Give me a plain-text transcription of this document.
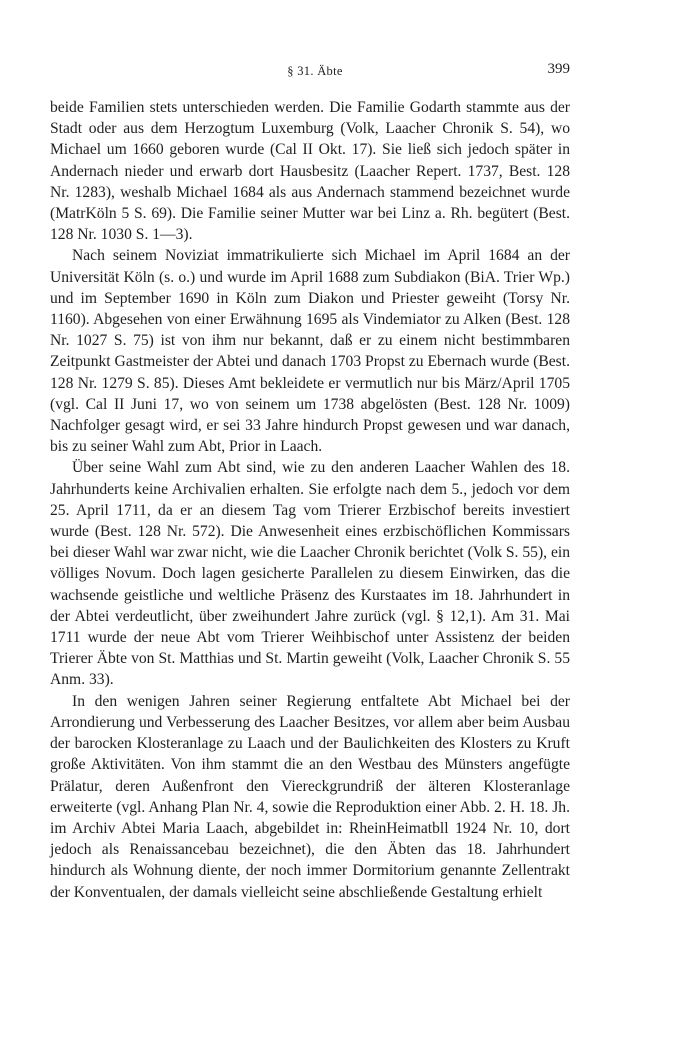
§ 31. Äbte	399

beide Familien stets unterschieden werden. Die Familie Godarth stammte aus der Stadt oder aus dem Herzogtum Luxemburg (Volk, Laacher Chronik S. 54), wo Michael um 1660 geboren wurde (Cal II Okt. 17). Sie ließ sich jedoch später in Andernach nieder und erwarb dort Hausbesitz (Laacher Repert. 1737, Best. 128 Nr. 1283), weshalb Michael 1684 als aus Andernach stammend bezeichnet wurde (MatrKöln 5 S. 69). Die Familie seiner Mutter war bei Linz a. Rh. begütert (Best. 128 Nr. 1030 S. 1—3).

Nach seinem Noviziat immatrikulierte sich Michael im April 1684 an der Universität Köln (s. o.) und wurde im April 1688 zum Subdiakon (BiA. Trier Wp.) und im September 1690 in Köln zum Diakon und Priester geweiht (Torsy Nr. 1160). Abgesehen von einer Erwähnung 1695 als Vindemiator zu Alken (Best. 128 Nr. 1027 S. 75) ist von ihm nur bekannt, daß er zu einem nicht bestimmbaren Zeitpunkt Gastmeister der Abtei und danach 1703 Propst zu Ebernach wurde (Best. 128 Nr. 1279 S. 85). Dieses Amt bekleidete er vermutlich nur bis März/April 1705 (vgl. Cal II Juni 17, wo von seinem um 1738 abgelösten (Best. 128 Nr. 1009) Nachfolger gesagt wird, er sei 33 Jahre hindurch Propst gewesen und war danach, bis zu seiner Wahl zum Abt, Prior in Laach.

Über seine Wahl zum Abt sind, wie zu den anderen Laacher Wahlen des 18. Jahrhunderts keine Archivalien erhalten. Sie erfolgte nach dem 5., jedoch vor dem 25. April 1711, da er an diesem Tag vom Trierer Erzbischof bereits investiert wurde (Best. 128 Nr. 572). Die Anwesenheit eines erzbischöflichen Kommissars bei dieser Wahl war zwar nicht, wie die Laacher Chronik berichtet (Volk S. 55), ein völliges Novum. Doch lagen gesicherte Parallelen zu diesem Einwirken, das die wachsende geistliche und weltliche Präsenz des Kurstaates im 18. Jahrhundert in der Abtei verdeutlicht, über zweihundert Jahre zurück (vgl. § 12,1). Am 31. Mai 1711 wurde der neue Abt vom Trierer Weihbischof unter Assistenz der beiden Trierer Äbte von St. Matthias und St. Martin geweiht (Volk, Laacher Chronik S. 55 Anm. 33).

In den wenigen Jahren seiner Regierung entfaltete Abt Michael bei der Arrondierung und Verbesserung des Laacher Besitzes, vor allem aber beim Ausbau der barocken Klosteranlage zu Laach und der Baulichkeiten des Klosters zu Kruft große Aktivitäten. Von ihm stammt die an den Westbau des Münsters angefügte Prälatur, deren Außenfront den Viereckgrundriß der älteren Klosteranlage erweiterte (vgl. Anhang Plan Nr. 4, sowie die Reproduktion einer Abb. 2. H. 18. Jh. im Archiv Abtei Maria Laach, abgebildet in: RheinHeimatbll 1924 Nr. 10, dort jedoch als Renaissancebau bezeichnet), die den Äbten das 18. Jahrhundert hindurch als Wohnung diente, der noch immer Dormitorium genannte Zellentrakt der Konventualen, der damals vielleicht seine abschließende Gestaltung erhielt
